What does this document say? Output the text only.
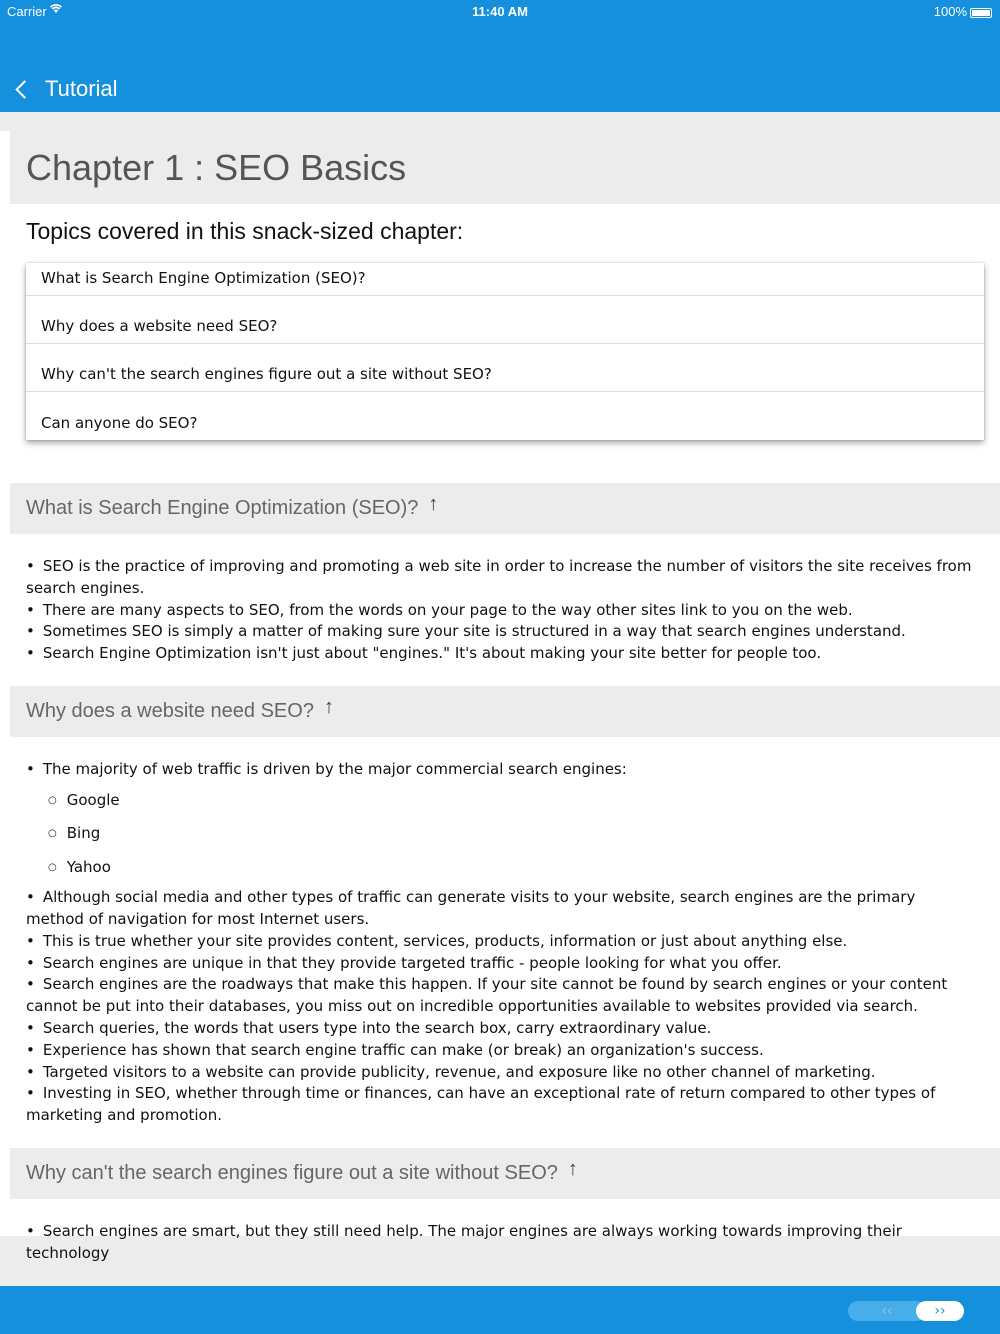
Carrier	11:40 AM	100%
Tutorial
Chapter 1 : SEO Basics
Topics covered in this snack-sized chapter:
What is Search Engine Optimization (SEO)?
Why does a website need SEO?
Why can't the search engines figure out a site without SEO?
Can anyone do SEO?
What is Search Engine Optimization (SEO)? ↑
• SEO is the practice of improving and promoting a web site in order to increase the number of visitors the site receives from search engines.
• There are many aspects to SEO, from the words on your page to the way other sites link to you on the web.
• Sometimes SEO is simply a matter of making sure your site is structured in a way that search engines understand.
• Search Engine Optimization isn't just about "engines." It's about making your site better for people too.
Why does a website need SEO? ↑
• The majority of web traffic is driven by the major commercial search engines:
○ Google
○ Bing
○ Yahoo
• Although social media and other types of traffic can generate visits to your website, search engines are the primary method of navigation for most Internet users.
• This is true whether your site provides content, services, products, information or just about anything else.
• Search engines are unique in that they provide targeted traffic - people looking for what you offer.
• Search engines are the roadways that make this happen. If your site cannot be found by search engines or your content cannot be put into their databases, you miss out on incredible opportunities available to websites provided via search.
• Search queries, the words that users type into the search box, carry extraordinary value.
• Experience has shown that search engine traffic can make (or break) an organization's success.
• Targeted visitors to a website can provide publicity, revenue, and exposure like no other channel of marketing.
• Investing in SEO, whether through time or finances, can have an exceptional rate of return compared to other types of marketing and promotion.
Why can't the search engines figure out a site without SEO? ↑
• Search engines are smart, but they still need help. The major engines are always working towards improving their technology
‹‹	››
